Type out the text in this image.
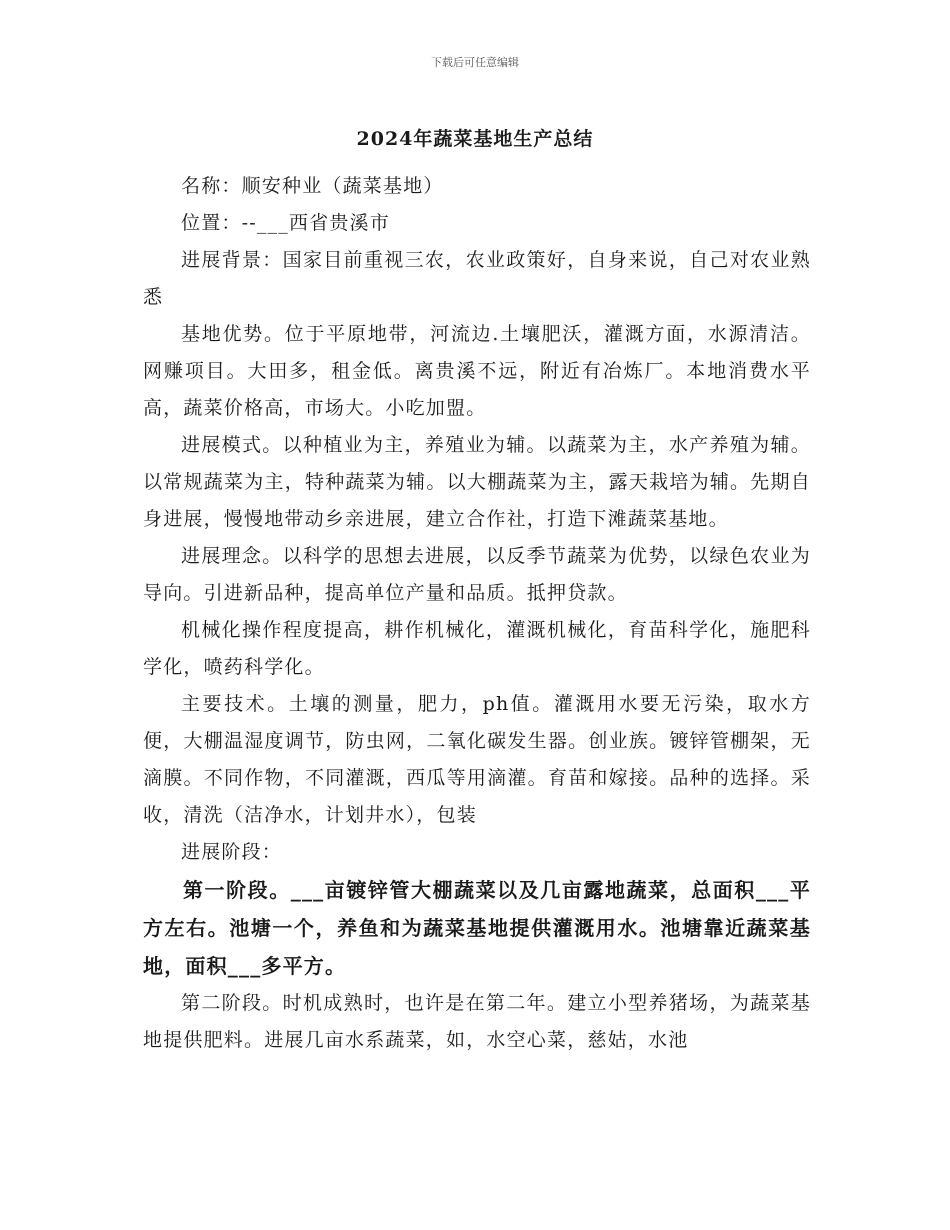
下载后可任意编辑
2024年蔬菜基地生产总结

名称：顺安种业（蔬菜基地）

位置：--___西省贵溪市

进展背景：国家目前重视三农，农业政策好，自身来说，自己对农业熟悉

基地优势。位于平原地带，河流边.土壤肥沃，灌溉方面，水源清洁。网赚项目。大田多，租金低。离贵溪不远，附近有冶炼厂。本地消费水平高，蔬菜价格高，市场大。小吃加盟。

进展模式。以种植业为主，养殖业为辅。以蔬菜为主，水产养殖为辅。以常规蔬菜为主，特种蔬菜为辅。以大棚蔬菜为主，露天栽培为辅。先期自身进展，慢慢地带动乡亲进展，建立合作社，打造下滩蔬菜基地。

进展理念。以科学的思想去进展，以反季节蔬菜为优势，以绿色农业为导向。引进新品种，提高单位产量和品质。抵押贷款。

机械化操作程度提高，耕作机械化，灌溉机械化，育苗科学化，施肥科学化，喷药科学化。

主要技术。土壤的测量，肥力，ph值。灌溉用水要无污染，取水方便，大棚温湿度调节，防虫网，二氧化碳发生器。创业族。镀锌管棚架，无滴膜。不同作物，不同灌溉，西瓜等用滴灌。育苗和嫁接。品种的选择。采收，清洗（洁净水，计划井水），包装

进展阶段：

第一阶段。___亩镀锌管大棚蔬菜以及几亩露地蔬菜，总面积___平方左右。池塘一个，养鱼和为蔬菜基地提供灌溉用水。池塘靠近蔬菜基地，面积___多平方。

第二阶段。时机成熟时，也许是在第二年。建立小型养猪场，为蔬菜基地提供肥料。进展几亩水系蔬菜，如，水空心菜，慈姑，水池
